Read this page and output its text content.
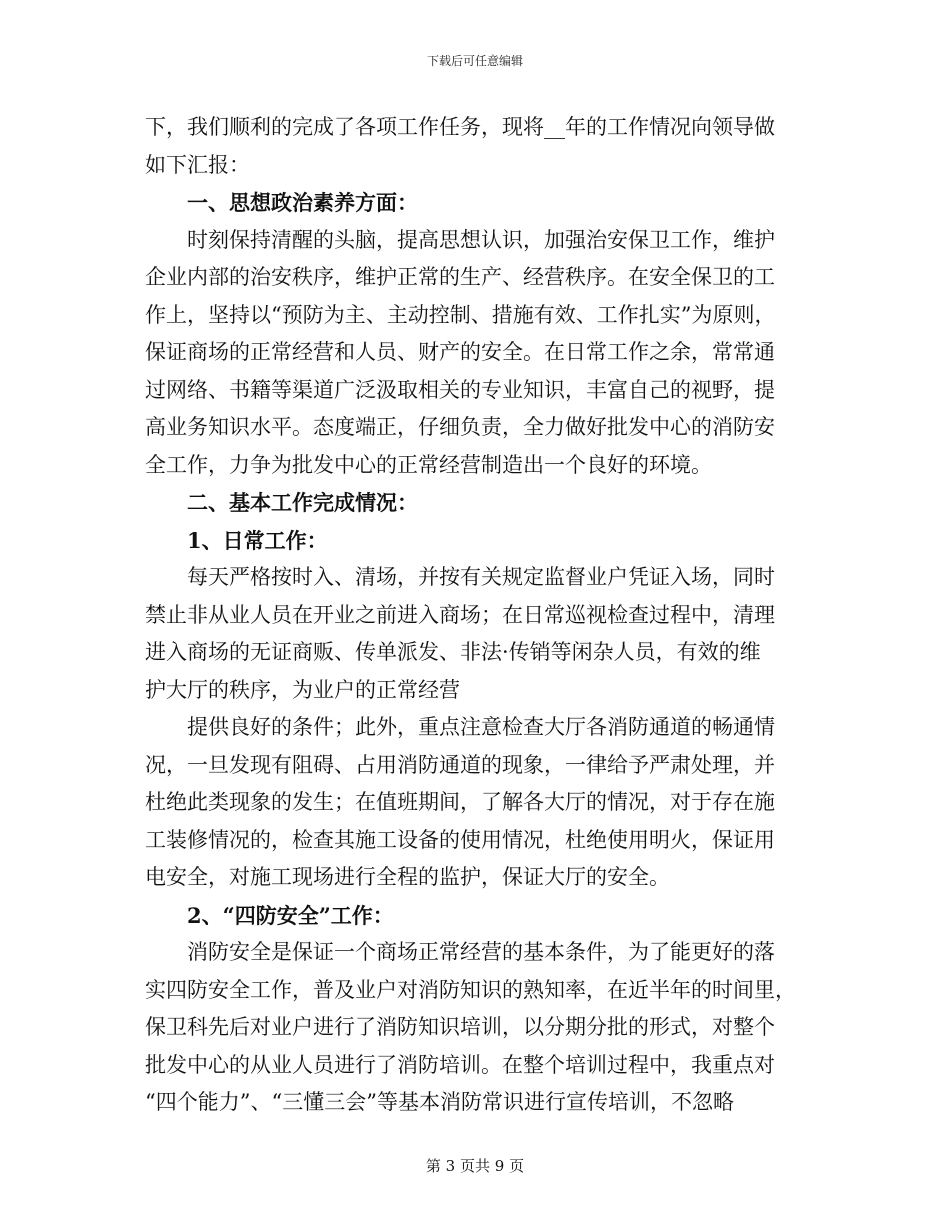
下载后可任意编辑
下，我们顺利的完成了各项工作任务，现将__年的工作情况向领导做
如下汇报：
一、思想政治素养方面：
时刻保持清醒的头脑，提高思想认识，加强治安保卫工作，维护
企业内部的治安秩序，维护正常的生产、经营秩序。在安全保卫的工
作上，坚持以“预防为主、主动控制、措施有效、工作扎实”为原则，
保证商场的正常经营和人员、财产的安全。在日常工作之余，常常通
过网络、书籍等渠道广泛汲取相关的专业知识，丰富自己的视野，提
高业务知识水平。态度端正，仔细负责，全力做好批发中心的消防安
全工作，力争为批发中心的正常经营制造出一个良好的环境。
二、基本工作完成情况：
1、日常工作：
每天严格按时入、清场，并按有关规定监督业户凭证入场，同时
禁止非从业人员在开业之前进入商场；在日常巡视检查过程中，清理
进入商场的无证商贩、传单派发、非法·传销等闲杂人员，有效的维
护大厅的秩序，为业户的正常经营
提供良好的条件；此外，重点注意检查大厅各消防通道的畅通情
况，一旦发现有阻碍、占用消防通道的现象，一律给予严肃处理，并
杜绝此类现象的发生；在值班期间，了解各大厅的情况，对于存在施
工装修情况的，检查其施工设备的使用情况，杜绝使用明火，保证用
电安全，对施工现场进行全程的监护，保证大厅的安全。
2、“四防安全”工作：
消防安全是保证一个商场正常经营的基本条件，为了能更好的落
实四防安全工作，普及业户对消防知识的熟知率，在近半年的时间里，
保卫科先后对业户进行了消防知识培训，以分期分批的形式，对整个
批发中心的从业人员进行了消防培训。在整个培训过程中，我重点对
“四个能力”、“三懂三会”等基本消防常识进行宣传培训，不忽略
第 3 页共 9 页
